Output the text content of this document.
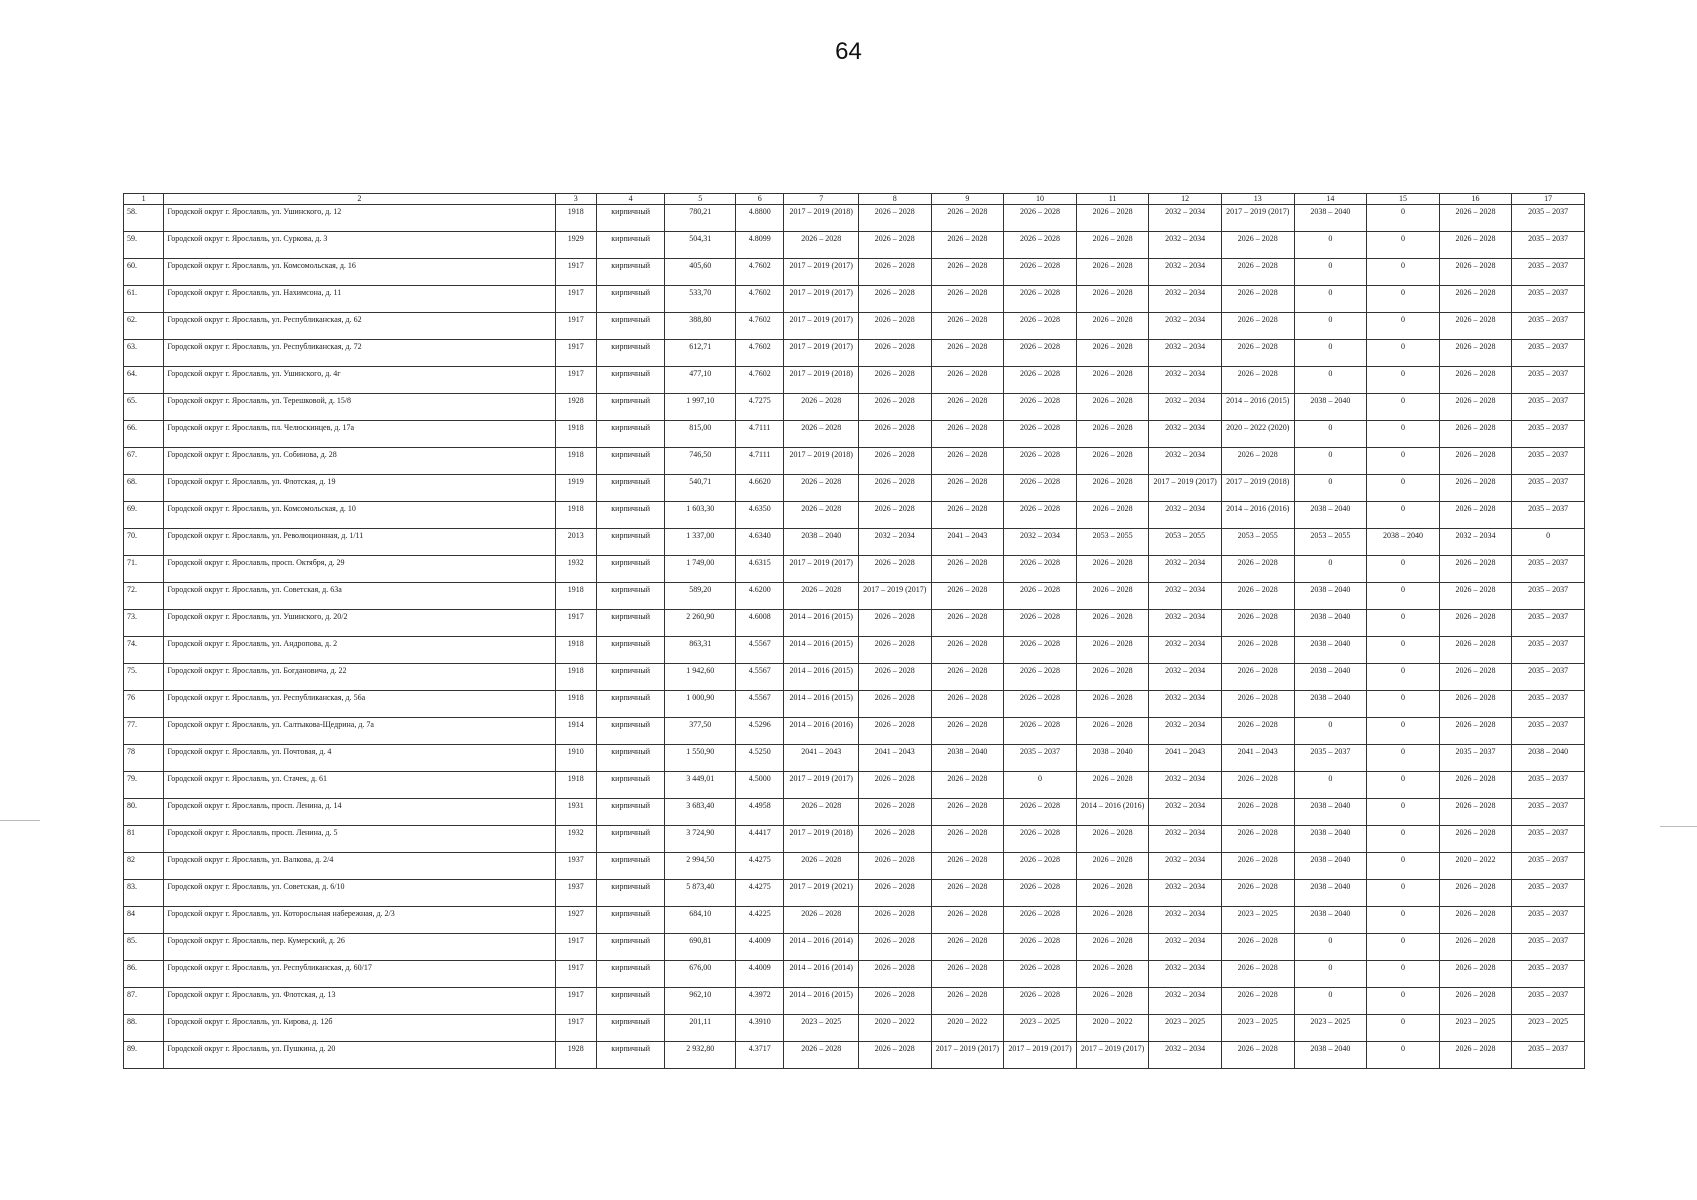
64
1	2	3	4	5	6	7	8	9	10	11	12	13	14	15	16	17
58.	Городской округ г. Ярославль, ул. Ушинского, д. 12	1918	кирпичный	780,21	4.8800	2017 – 2019 (2018)	2026 – 2028	2026 – 2028	2026 – 2028	2026 – 2028	2032 – 2034	2017 – 2019 (2017)	2038 – 2040	0	2026 – 2028	2035 – 2037
59.	Городской округ г. Ярославль, ул. Суркова, д. 3	1929	кирпичный	504,31	4.8099	2026 – 2028	2026 – 2028	2026 – 2028	2026 – 2028	2026 – 2028	2032 – 2034	2026 – 2028	0	0	2026 – 2028	2035 – 2037
60.	Городской округ г. Ярославль, ул. Комсомольская, д. 16	1917	кирпичный	405,60	4.7602	2017 – 2019 (2017)	2026 – 2028	2026 – 2028	2026 – 2028	2026 – 2028	2032 – 2034	2026 – 2028	0	0	2026 – 2028	2035 – 2037
61.	Городской округ г. Ярославль, ул. Нахимсона, д. 11	1917	кирпичный	533,70	4.7602	2017 – 2019 (2017)	2026 – 2028	2026 – 2028	2026 – 2028	2026 – 2028	2032 – 2034	2026 – 2028	0	0	2026 – 2028	2035 – 2037
62.	Городской округ г. Ярославль, ул. Республиканская, д. 62	1917	кирпичный	388,80	4.7602	2017 – 2019 (2017)	2026 – 2028	2026 – 2028	2026 – 2028	2026 – 2028	2032 – 2034	2026 – 2028	0	0	2026 – 2028	2035 – 2037
63.	Городской округ г. Ярославль, ул. Республиканская, д. 72	1917	кирпичный	612,71	4.7602	2017 – 2019 (2017)	2026 – 2028	2026 – 2028	2026 – 2028	2026 – 2028	2032 – 2034	2026 – 2028	0	0	2026 – 2028	2035 – 2037
64.	Городской округ г. Ярославль, ул. Ушинского, д. 4г	1917	кирпичный	477,10	4.7602	2017 – 2019 (2018)	2026 – 2028	2026 – 2028	2026 – 2028	2026 – 2028	2032 – 2034	2026 – 2028	0	0	2026 – 2028	2035 – 2037
65.	Городской округ г. Ярославль, ул. Терешковой, д. 15/8	1928	кирпичный	1 997,10	4.7275	2026 – 2028	2026 – 2028	2026 – 2028	2026 – 2028	2026 – 2028	2032 – 2034	2014 – 2016 (2015)	2038 – 2040	0	2026 – 2028	2035 – 2037
66.	Городской округ г. Ярославль, пл. Челюскинцев, д. 17а	1918	кирпичный	815,00	4.7111	2026 – 2028	2026 – 2028	2026 – 2028	2026 – 2028	2026 – 2028	2032 – 2034	2020 – 2022 (2020)	0	0	2026 – 2028	2035 – 2037
67.	Городской округ г. Ярославль, ул. Собинова, д. 28	1918	кирпичный	746,50	4.7111	2017 – 2019 (2018)	2026 – 2028	2026 – 2028	2026 – 2028	2026 – 2028	2032 – 2034	2026 – 2028	0	0	2026 – 2028	2035 – 2037
68.	Городской округ г. Ярославль, ул. Флотская, д. 19	1919	кирпичный	540,71	4.6620	2026 – 2028	2026 – 2028	2026 – 2028	2026 – 2028	2026 – 2028	2017 – 2019 (2017)	2017 – 2019 (2018)	0	0	2026 – 2028	2035 – 2037
69.	Городской округ г. Ярославль, ул. Комсомольская, д. 10	1918	кирпичный	1 603,30	4.6350	2026 – 2028	2026 – 2028	2026 – 2028	2026 – 2028	2026 – 2028	2032 – 2034	2014 – 2016 (2016)	2038 – 2040	0	2026 – 2028	2035 – 2037
70.	Городской округ г. Ярославль, ул. Революционная, д. 1/11	2013	кирпичный	1 337,00	4.6340	2038 – 2040	2032 – 2034	2041 – 2043	2032 – 2034	2053 – 2055	2053 – 2055	2053 – 2055	2053 – 2055	2038 – 2040	2032 – 2034	0
71.	Городской округ г. Ярославль, просп. Октября, д. 29	1932	кирпичный	1 749,00	4.6315	2017 – 2019 (2017)	2026 – 2028	2026 – 2028	2026 – 2028	2026 – 2028	2032 – 2034	2026 – 2028	0	0	2026 – 2028	2035 – 2037
72.	Городской округ г. Ярославль, ул. Советская, д. 63а	1918	кирпичный	589,20	4.6200	2026 – 2028	2017 – 2019 (2017)	2026 – 2028	2026 – 2028	2026 – 2028	2032 – 2034	2026 – 2028	2038 – 2040	0	2026 – 2028	2035 – 2037
73.	Городской округ г. Ярославль, ул. Ушинского, д. 20/2	1917	кирпичный	2 260,90	4.6008	2014 – 2016 (2015)	2026 – 2028	2026 – 2028	2026 – 2028	2026 – 2028	2032 – 2034	2026 – 2028	2038 – 2040	0	2026 – 2028	2035 – 2037
74.	Городской округ г. Ярославль, ул. Андропова, д. 2	1918	кирпичный	863,31	4.5567	2014 – 2016 (2015)	2026 – 2028	2026 – 2028	2026 – 2028	2026 – 2028	2032 – 2034	2026 – 2028	2038 – 2040	0	2026 – 2028	2035 – 2037
75.	Городской округ г. Ярославль, ул. Богдановича, д. 22	1918	кирпичный	1 942,60	4.5567	2014 – 2016 (2015)	2026 – 2028	2026 – 2028	2026 – 2028	2026 – 2028	2032 – 2034	2026 – 2028	2038 – 2040	0	2026 – 2028	2035 – 2037
76	Городской округ г. Ярославль, ул. Республиканская, д. 56а	1918	кирпичный	1 000,90	4.5567	2014 – 2016 (2015)	2026 – 2028	2026 – 2028	2026 – 2028	2026 – 2028	2032 – 2034	2026 – 2028	2038 – 2040	0	2026 – 2028	2035 – 2037
77.	Городской округ г. Ярославль, ул. Салтыкова-Щедрина, д. 7а	1914	кирпичный	377,50	4.5296	2014 – 2016 (2016)	2026 – 2028	2026 – 2028	2026 – 2028	2026 – 2028	2032 – 2034	2026 – 2028	0	0	2026 – 2028	2035 – 2037
78	Городской округ г. Ярославль, ул. Почтовая, д. 4	1910	кирпичный	1 550,90	4.5250	2041 – 2043	2041 – 2043	2038 – 2040	2035 – 2037	2038 – 2040	2041 – 2043	2041 – 2043	2035 – 2037	0	2035 – 2037	2038 – 2040
79.	Городской округ г. Ярославль, ул. Стачек, д. 61	1918	кирпичный	3 449,01	4.5000	2017 – 2019 (2017)	2026 – 2028	2026 – 2028	0	2026 – 2028	2032 – 2034	2026 – 2028	0	0	2026 – 2028	2035 – 2037
80.	Городской округ г. Ярославль, просп. Ленина, д. 14	1931	кирпичный	3 683,40	4.4958	2026 – 2028	2026 – 2028	2026 – 2028	2026 – 2028	2014 – 2016 (2016)	2032 – 2034	2026 – 2028	2038 – 2040	0	2026 – 2028	2035 – 2037
81	Городской округ г. Ярославль, просп. Ленина, д. 5	1932	кирпичный	3 724,90	4.4417	2017 – 2019 (2018)	2026 – 2028	2026 – 2028	2026 – 2028	2026 – 2028	2032 – 2034	2026 – 2028	2038 – 2040	0	2026 – 2028	2035 – 2037
82	Городской округ г. Ярославль, ул. Валкова, д. 2/4	1937	кирпичный	2 994,50	4.4275	2026 – 2028	2026 – 2028	2026 – 2028	2026 – 2028	2026 – 2028	2032 – 2034	2026 – 2028	2038 – 2040	0	2020 – 2022	2035 – 2037
83.	Городской округ г. Ярославль, ул. Советская, д. 6/10	1937	кирпичный	5 873,40	4.4275	2017 – 2019 (2021)	2026 – 2028	2026 – 2028	2026 – 2028	2026 – 2028	2032 – 2034	2026 – 2028	2038 – 2040	0	2026 – 2028	2035 – 2037
84	Городской округ г. Ярославль, ул. Которосльная набережная, д. 2/3	1927	кирпичный	684,10	4.4225	2026 – 2028	2026 – 2028	2026 – 2028	2026 – 2028	2026 – 2028	2032 – 2034	2023 – 2025	2038 – 2040	0	2026 – 2028	2035 – 2037
85.	Городской округ г. Ярославль, пер. Кумерский, д. 26	1917	кирпичный	690,81	4.4009	2014 – 2016 (2014)	2026 – 2028	2026 – 2028	2026 – 2028	2026 – 2028	2032 – 2034	2026 – 2028	0	0	2026 – 2028	2035 – 2037
86.	Городской округ г. Ярославль, ул. Республиканская, д. 60/17	1917	кирпичный	676,00	4.4009	2014 – 2016 (2014)	2026 – 2028	2026 – 2028	2026 – 2028	2026 – 2028	2032 – 2034	2026 – 2028	0	0	2026 – 2028	2035 – 2037
87.	Городской округ г. Ярославль, ул. Флотская, д. 13	1917	кирпичный	962,10	4.3972	2014 – 2016 (2015)	2026 – 2028	2026 – 2028	2026 – 2028	2026 – 2028	2032 – 2034	2026 – 2028	0	0	2026 – 2028	2035 – 2037
88.	Городской округ г. Ярославль, ул. Кирова, д. 12б	1917	кирпичный	201,11	4.3910	2023 – 2025	2020 – 2022	2020 – 2022	2023 – 2025	2020 – 2022	2023 – 2025	2023 – 2025	2023 – 2025	0	2023 – 2025	2023 – 2025
89.	Городской округ г. Ярославль, ул. Пушкина, д. 20	1928	кирпичный	2 932,80	4.3717	2026 – 2028	2026 – 2028	2017 – 2019 (2017)	2017 – 2019 (2017)	2017 – 2019 (2017)	2032 – 2034	2026 – 2028	2038 – 2040	0	2026 – 2028	2035 – 2037
